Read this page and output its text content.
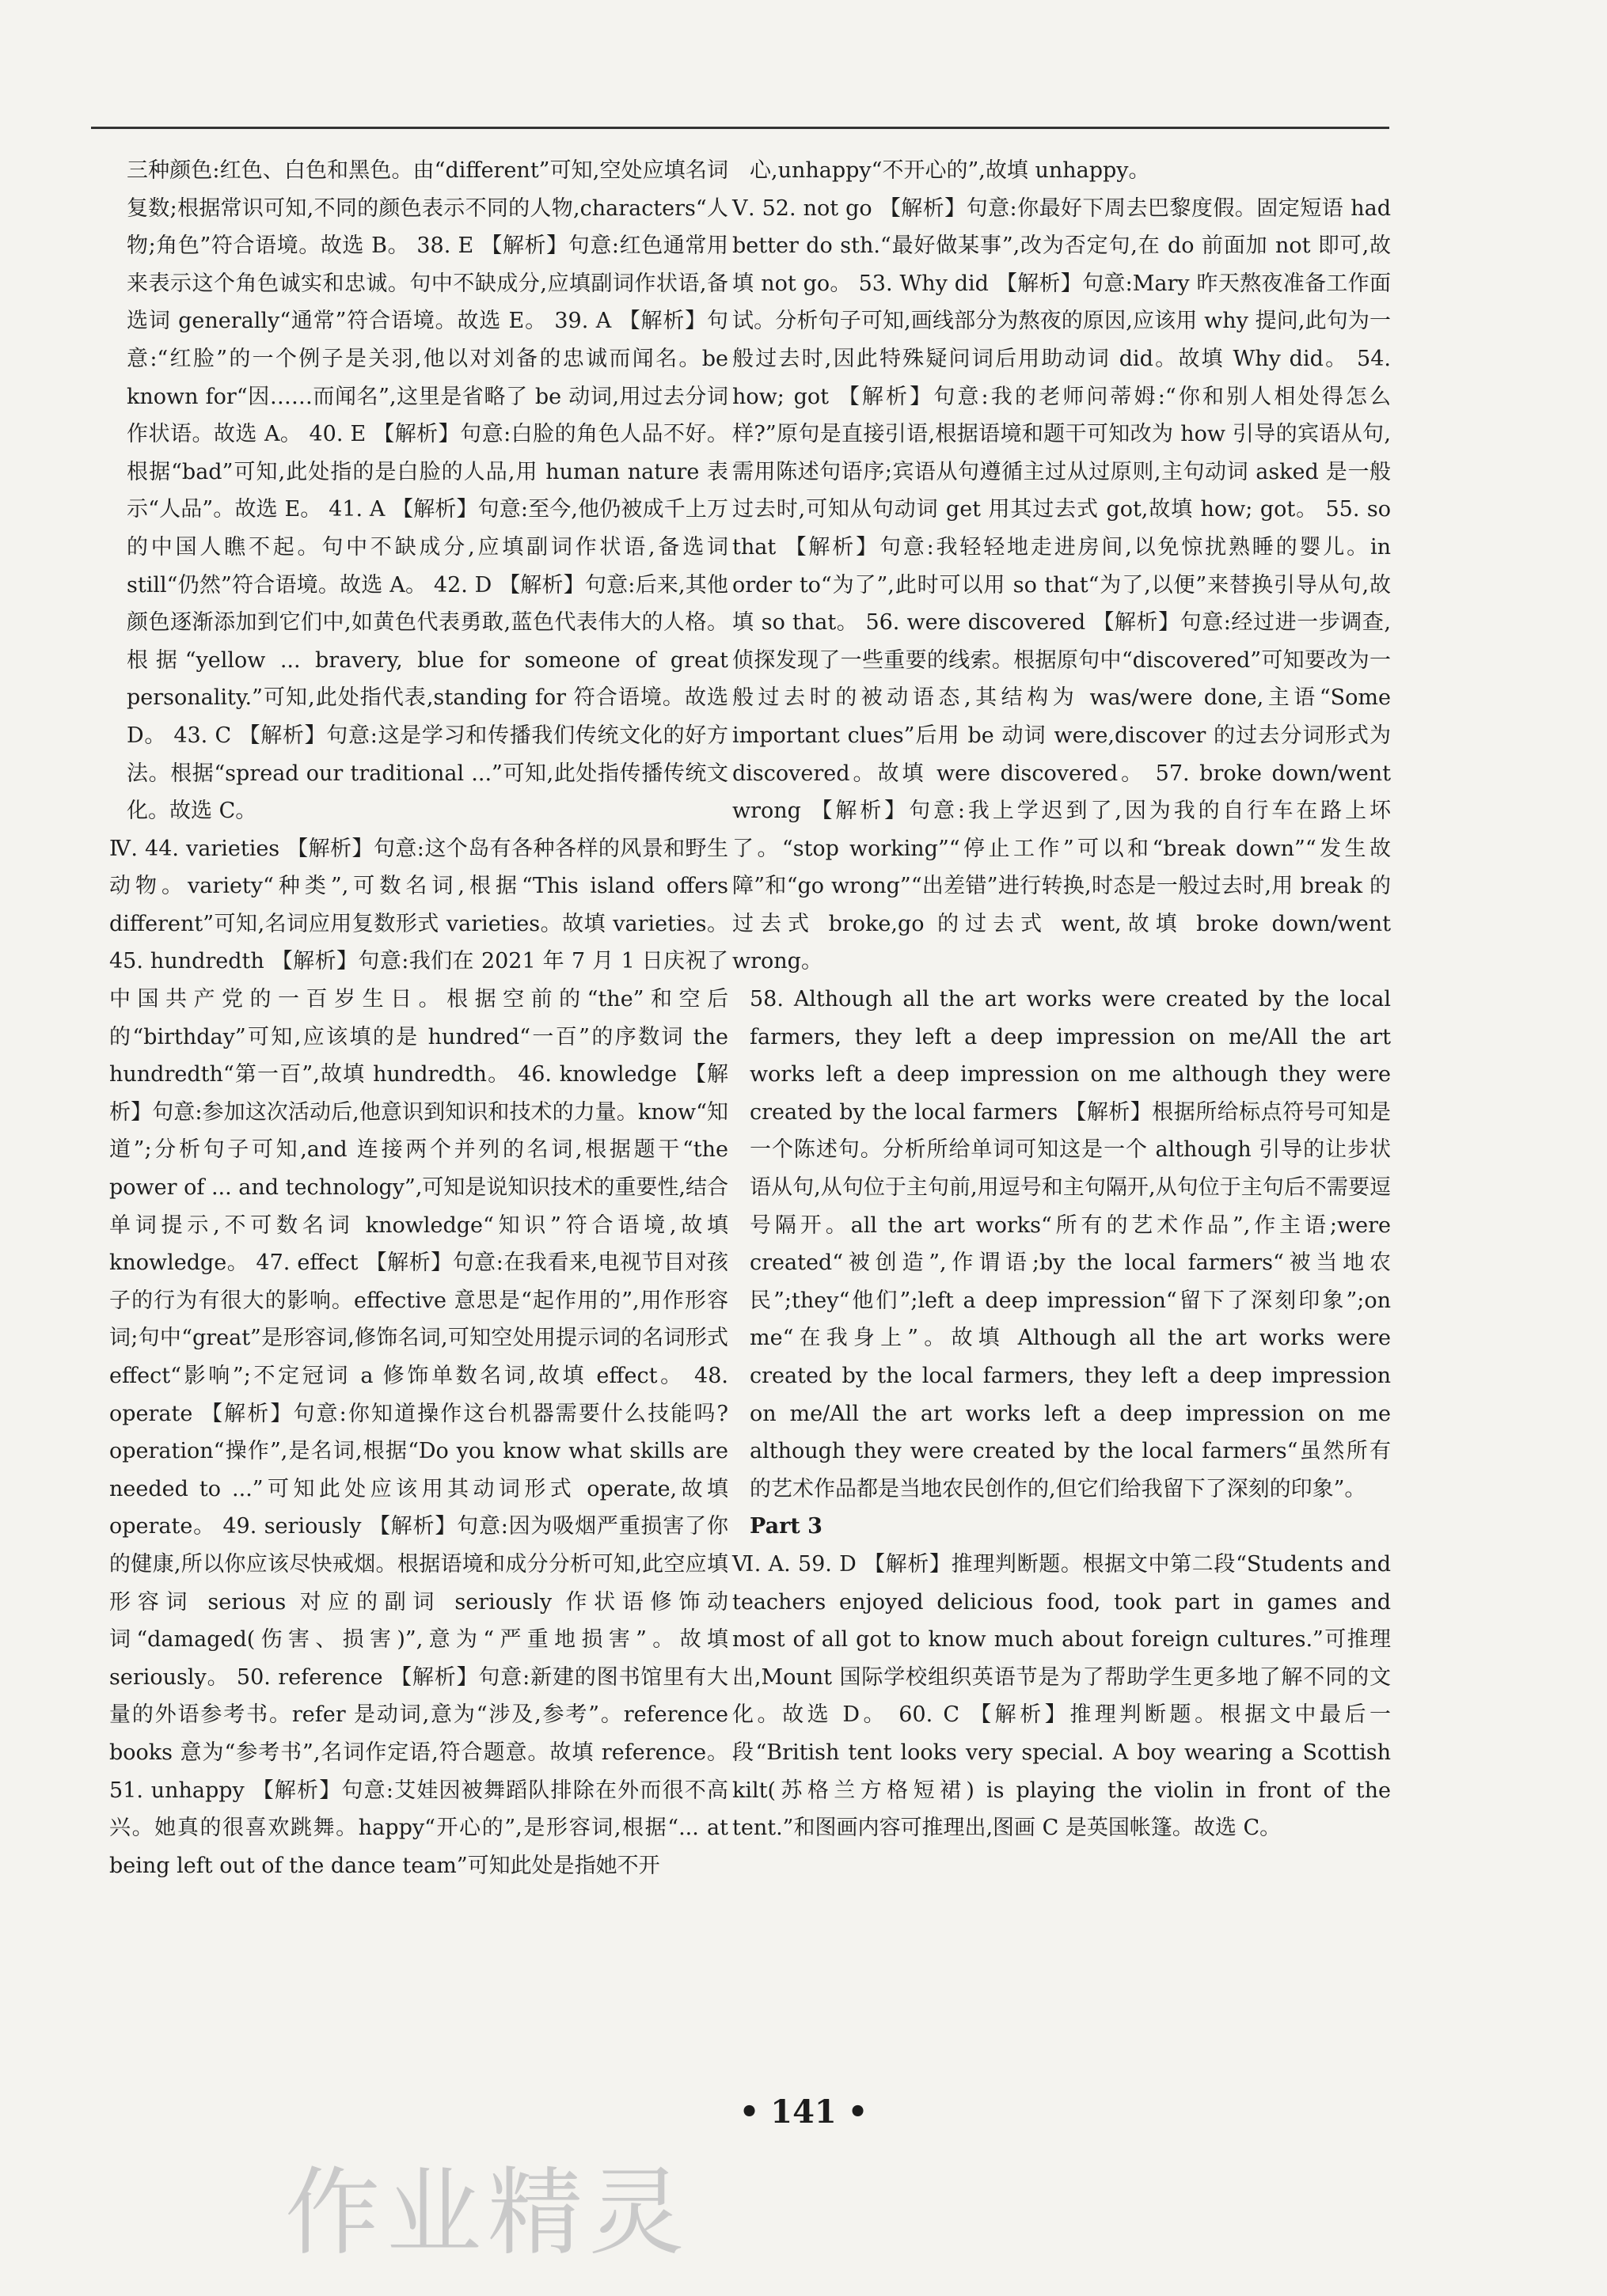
三种颜色:红色、白色和黑色。由“different”可知,空处应填名词复数;根据常识可知,不同的颜色表示不同的人物,characters“人物;角色”符合语境。故选 B。 38. E 【解析】句意:红色通常用来表示这个角色诚实和忠诚。句中不缺成分,应填副词作状语,备选词 generally“通常”符合语境。故选 E。 39. A 【解析】句意:“红脸”的一个例子是关羽,他以对刘备的忠诚而闻名。be known for“因……而闻名”,这里是省略了 be 动词,用过去分词作状语。故选 A。 40. E 【解析】句意:白脸的角色人品不好。根据“bad”可知,此处指的是白脸的人品,用 human nature 表示“人品”。故选 E。 41. A 【解析】句意:至今,他仍被成千上万的中国人瞧不起。句中不缺成分,应填副词作状语,备选词 still“仍然”符合语境。故选 A。 42. D 【解析】句意:后来,其他颜色逐渐添加到它们中,如黄色代表勇敢,蓝色代表伟大的人格。根据“yellow ... bravery, blue for someone of great personality.”可知,此处指代表,standing for 符合语境。故选 D。 43. C 【解析】句意:这是学习和传播我们传统文化的好方法。根据“spread our traditional ...”可知,此处指传播传统文化。故选 C。

Ⅳ. 44. varieties 【解析】句意:这个岛有各种各样的风景和野生动物。variety“种类”,可数名词,根据“This island offers different”可知,名词应用复数形式 varieties。故填 varieties。 45. hundredth 【解析】句意:我们在 2021 年 7 月 1 日庆祝了中国共产党的一百岁生日。根据空前的“the”和空后的“birthday”可知,应该填的是 hundred“一百”的序数词 the hundredth“第一百”,故填 hundredth。 46. knowledge 【解析】句意:参加这次活动后,他意识到知识和技术的力量。know“知道”;分析句子可知,and 连接两个并列的名词,根据题干“the power of ... and technology”,可知是说知识技术的重要性,结合单词提示,不可数名词 knowledge“知识”符合语境,故填 knowledge。 47. effect 【解析】句意:在我看来,电视节目对孩子的行为有很大的影响。effective 意思是“起作用的”,用作形容词;句中“great”是形容词,修饰名词,可知空处用提示词的名词形式 effect“影响”;不定冠词 a 修饰单数名词,故填 effect。 48. operate 【解析】句意:你知道操作这台机器需要什么技能吗? operation“操作”,是名词,根据“Do you know what skills are needed to ...”可知此处应该用其动词形式 operate,故填 operate。 49. seriously 【解析】句意:因为吸烟严重损害了你的健康,所以你应该尽快戒烟。根据语境和成分分析可知,此空应填形容词 serious 对应的副词 seriously 作状语修饰动词“damaged(伤害、损害)”,意为“严重地损害”。故填 seriously。 50. reference 【解析】句意:新建的图书馆里有大量的外语参考书。refer 是动词,意为“涉及,参考”。reference books 意为“参考书”,名词作定语,符合题意。故填 reference。 51. unhappy 【解析】句意:艾娃因被舞蹈队排除在外而很不高兴。她真的很喜欢跳舞。happy“开心的”,是形容词,根据“... at being left out of the dance team”可知此处是指她不开

心,unhappy“不开心的”,故填 unhappy。

Ⅴ. 52. not go 【解析】句意:你最好下周去巴黎度假。固定短语 had better do sth.“最好做某事”,改为否定句,在 do 前面加 not 即可,故填 not go。 53. Why did 【解析】句意:Mary 昨天熬夜准备工作面试。分析句子可知,画线部分为熬夜的原因,应该用 why 提问,此句为一般过去时,因此特殊疑问词后用助动词 did。故填 Why did。 54. how; got 【解析】句意:我的老师问蒂姆:“你和别人相处得怎么样?”原句是直接引语,根据语境和题干可知改为 how 引导的宾语从句,需用陈述句语序;宾语从句遵循主过从过原则,主句动词 asked 是一般过去时,可知从句动词 get 用其过去式 got,故填 how; got。 55. so that 【解析】句意:我轻轻地走进房间,以免惊扰熟睡的婴儿。in order to“为了”,此时可以用 so that“为了,以便”来替换引导从句,故填 so that。 56. were discovered 【解析】句意:经过进一步调查,侦探发现了一些重要的线索。根据原句中“discovered”可知要改为一般过去时的被动语态,其结构为 was/were done,主语“Some important clues”后用 be 动词 were,discover 的过去分词形式为 discovered。故填 were discovered。 57. broke down/went wrong 【解析】句意:我上学迟到了,因为我的自行车在路上坏了。“stop working”“停止工作”可以和“break down”“发生故障”和“go wrong”“出差错”进行转换,时态是一般过去时,用 break 的过去式 broke,go 的过去式 went,故填 broke down/went wrong。

58. Although all the art works were created by the local farmers, they left a deep impression on me/All the art works left a deep impression on me although they were created by the local farmers 【解析】根据所给标点符号可知是一个陈述句。分析所给单词可知这是一个 although 引导的让步状语从句,从句位于主句前,用逗号和主句隔开,从句位于主句后不需要逗号隔开。all the art works“所有的艺术作品”,作主语;were created“被创造”,作谓语;by the local farmers“被当地农民”;they“他们”;left a deep impression“留下了深刻印象”;on me“在我身上”。故填 Although all the art works were created by the local farmers, they left a deep impression on me/All the art works left a deep impression on me although they were created by the local farmers“虽然所有的艺术作品都是当地农民创作的,但它们给我留下了深刻的印象”。

Part 3

Ⅵ. A. 59. D 【解析】推理判断题。根据文中第二段“Students and teachers enjoyed delicious food, took part in games and most of all got to know much about foreign cultures.”可推理出,Mount 国际学校组织英语节是为了帮助学生更多地了解不同的文化。故选 D。 60. C 【解析】推理判断题。根据文中最后一段“British tent looks very special. A boy wearing a Scottish kilt(苏格兰方格短裙) is playing the violin in front of the tent.”和图画内容可推理出,图画 C 是英国帐篷。故选 C。

• 141 •
作业精灵
